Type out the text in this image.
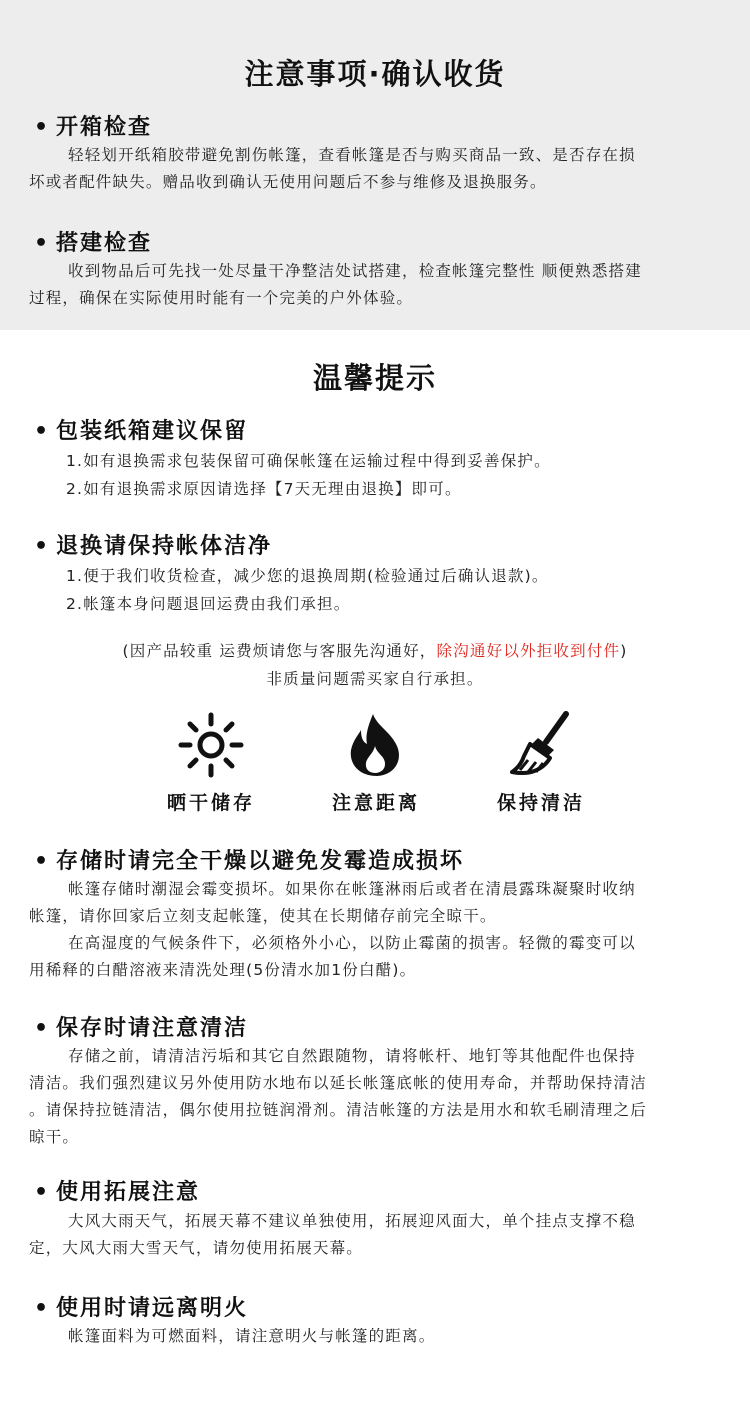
注意事项·确认收货
• 开箱检查
轻轻划开纸箱胶带避免割伤帐篷，查看帐篷是否与购买商品一致、是否存在损
坏或者配件缺失。赠品收到确认无使用问题后不参与维修及退换服务。
• 搭建检查
收到物品后可先找一处尽量干净整洁处试搭建，检查帐篷完整性 顺便熟悉搭建
过程，确保在实际使用时能有一个完美的户外体验。
温馨提示
• 包装纸箱建议保留
1.如有退换需求包装保留可确保帐篷在运输过程中得到妥善保护。
2.如有退换需求原因请选择【7天无理由退换】即可。
• 退换请保持帐体洁净
1.便于我们收货检查，减少您的退换周期(检验通过后确认退款)。
2.帐篷本身问题退回运费由我们承担。
(因产品较重 运费烦请您与客服先沟通好，除沟通好以外拒收到付件)
非质量问题需买家自行承担。
晒干储存	注意距离	保持清洁
• 存储时请完全干燥以避免发霉造成损坏
帐篷存储时潮湿会霉变损坏。如果你在帐篷淋雨后或者在清晨露珠凝聚时收纳
帐篷，请你回家后立刻支起帐篷，使其在长期储存前完全晾干。
在高湿度的气候条件下，必须格外小心，以防止霉菌的损害。轻微的霉变可以
用稀释的白醋溶液来清洗处理(5份清水加1份白醋)。
• 保存时请注意清洁
存储之前，请清洁污垢和其它自然跟随物，请将帐杆、地钉等其他配件也保持
清洁。我们强烈建议另外使用防水地布以延长帐篷底帐的使用寿命，并帮助保持清洁
。请保持拉链清洁，偶尔使用拉链润滑剂。清洁帐篷的方法是用水和软毛刷清理之后
晾干。
• 使用拓展注意
大风大雨天气，拓展天幕不建议单独使用，拓展迎风面大，单个挂点支撑不稳
定，大风大雨大雪天气，请勿使用拓展天幕。
• 使用时请远离明火
帐篷面料为可燃面料，请注意明火与帐篷的距离。
